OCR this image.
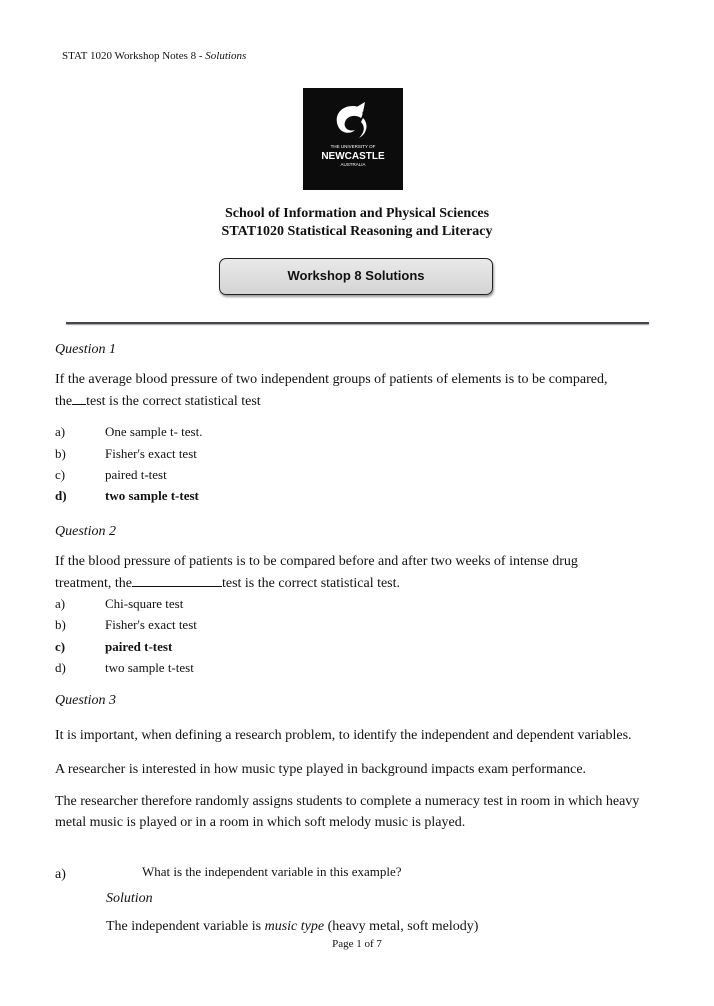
STAT 1020 Workshop Notes 8 - Solutions
THE UNIVERSITY OF
NEWCASTLE
AUSTRALIA
School of Information and Physical Sciences
STAT1020 Statistical Reasoning and Literacy
Workshop 8 Solutions
Question 1
If the average blood pressure of two independent groups of patients of elements is to be compared,
the test is the correct statistical test
a)	One sample t- test.
b)	Fisher's exact test
c)	paired t-test
d)	two sample t-test
Question 2
If the blood pressure of patients is to be compared before and after two weeks of intense drug
treatment, the	test is the correct statistical test.
a)	Chi-square test
b)	Fisher's exact test
c)	paired t-test
d)	two sample t-test
Question 3
It is important, when defining a research problem, to identify the independent and dependent variables.
A researcher is interested in how music type played in background impacts exam performance.
The researcher therefore randomly assigns students to complete a numeracy test in room in which heavy
metal music is played or in a room in which soft melody music is played.
a)	What is the independent variable in this example?
Solution
The independent variable is music type (heavy metal, soft melody)
Page 1 of 7
